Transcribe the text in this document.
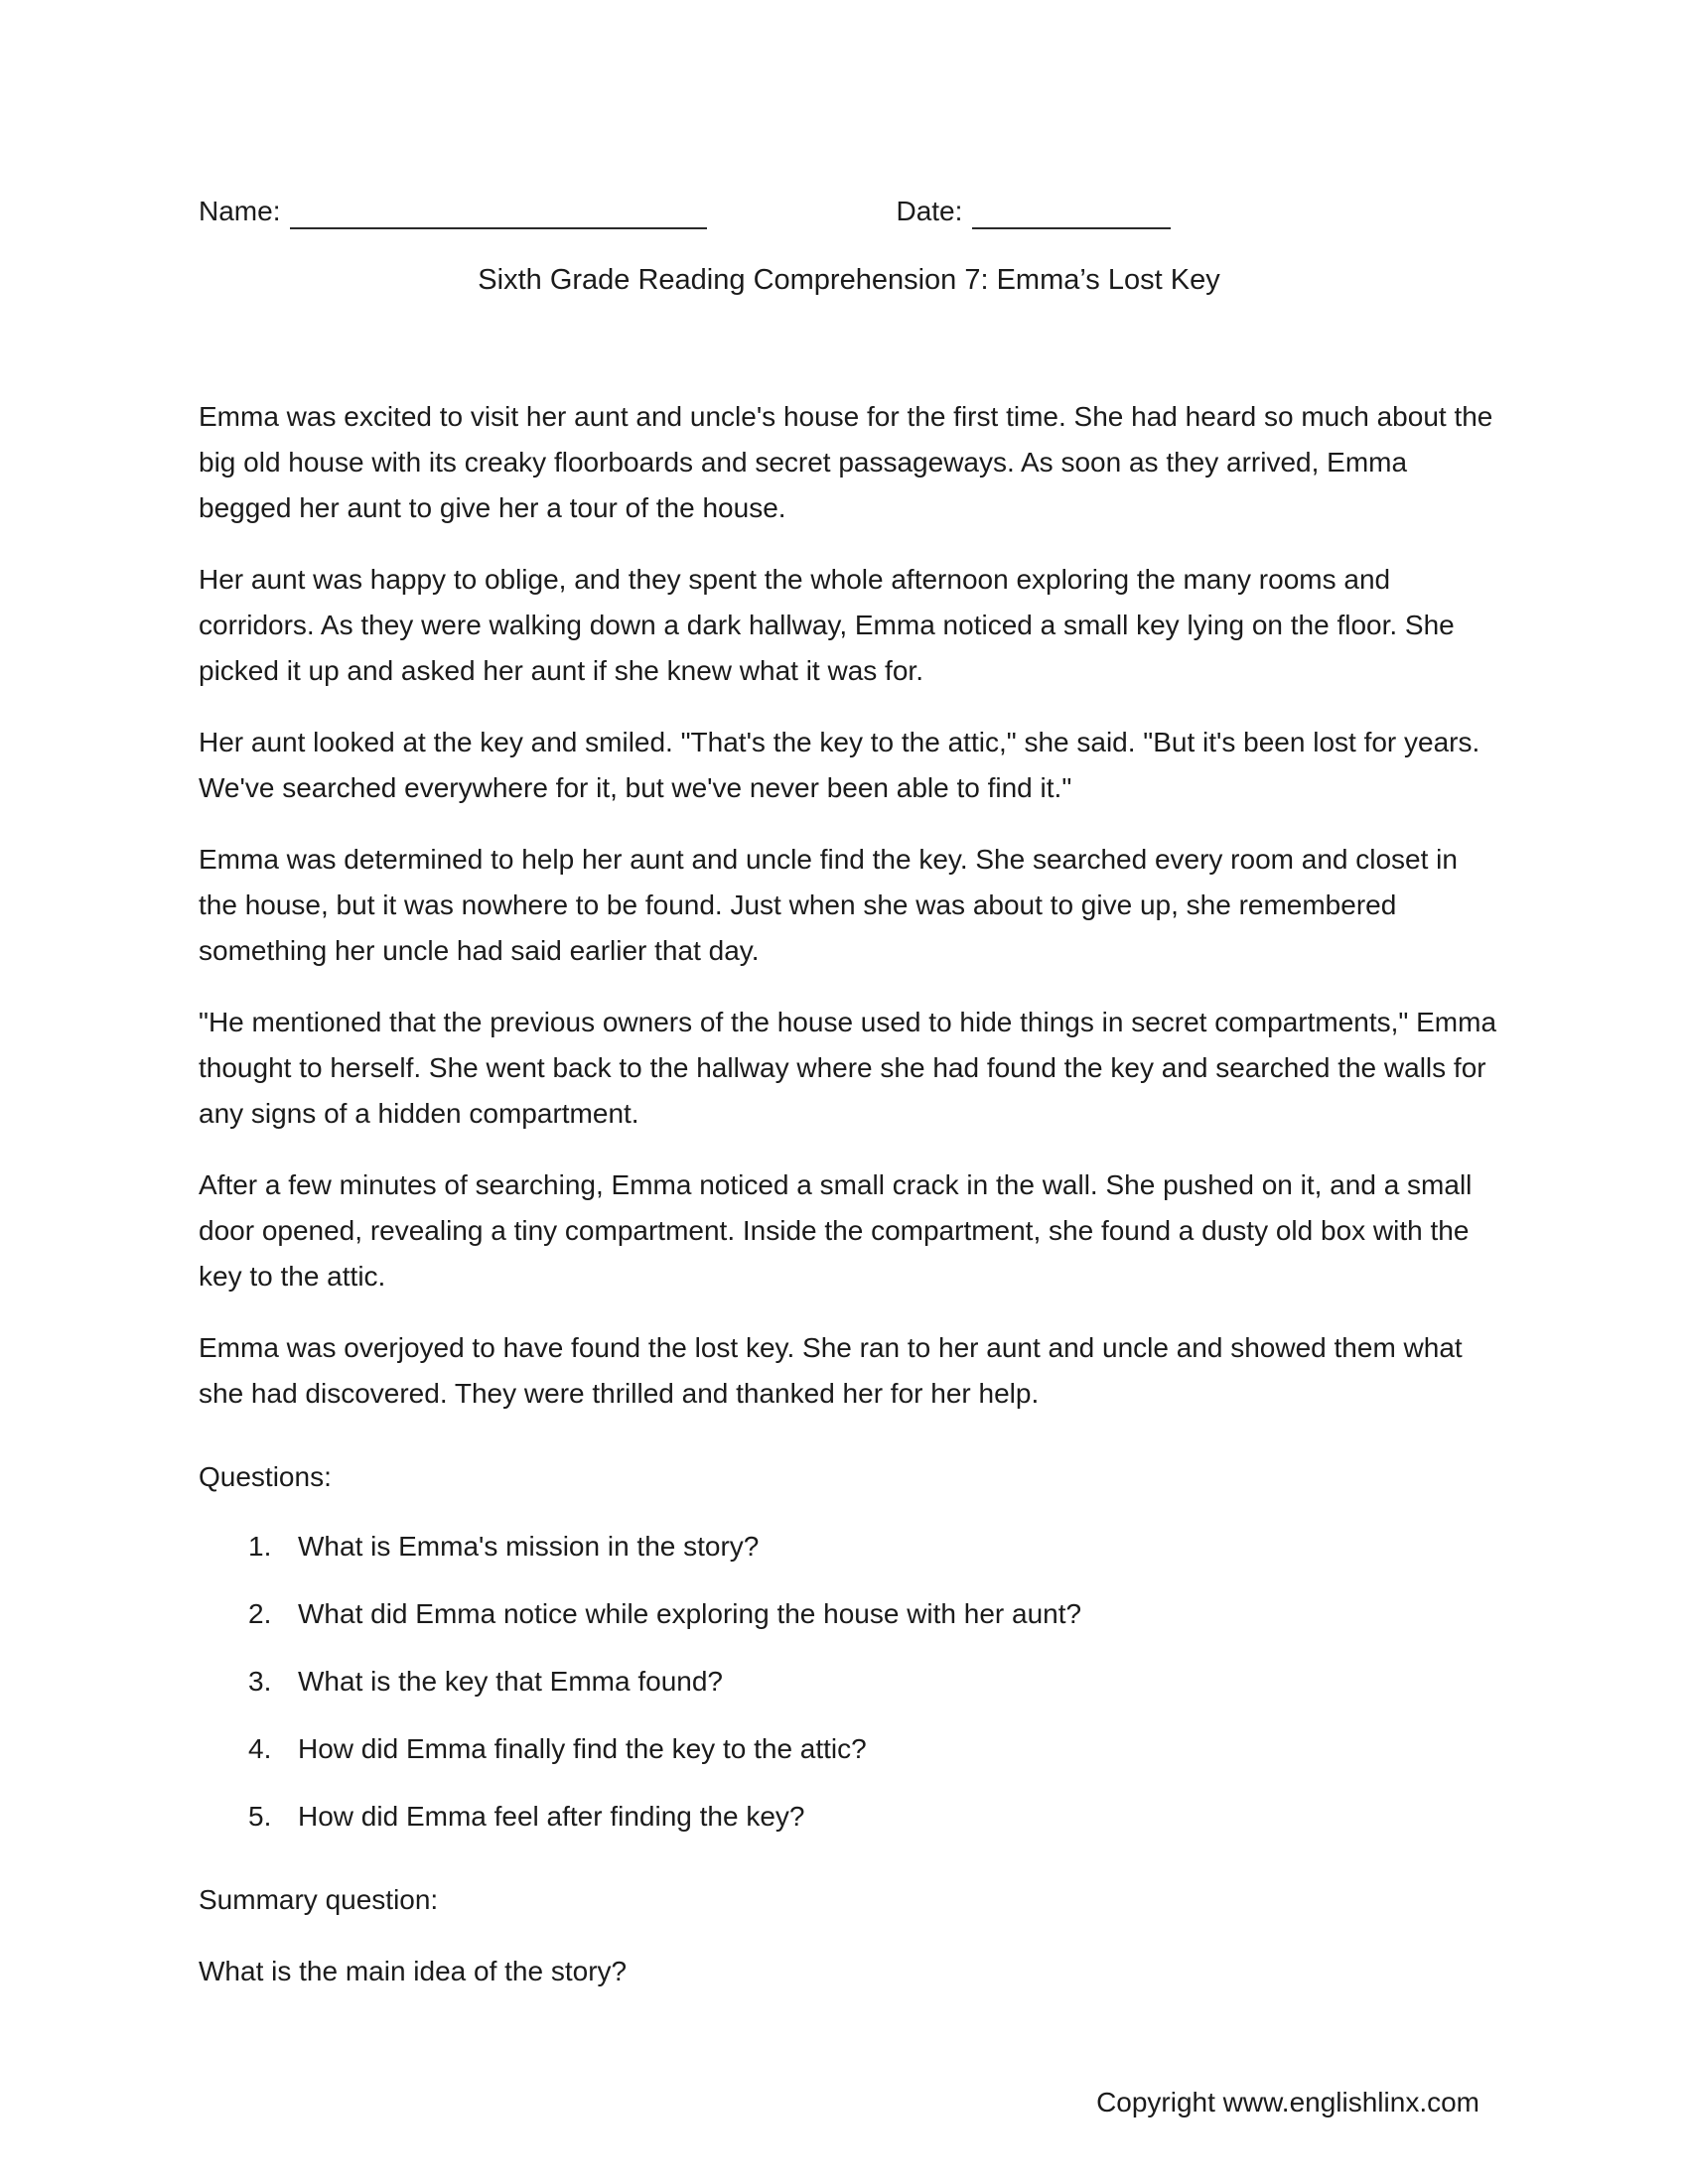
Name:	Date:
Sixth Grade Reading Comprehension 7: Emma’s Lost Key

Emma was excited to visit her aunt and uncle's house for the first time. She had heard so much about the big old house with its creaky floorboards and secret passageways. As soon as they arrived, Emma begged her aunt to give her a tour of the house.

Her aunt was happy to oblige, and they spent the whole afternoon exploring the many rooms and corridors. As they were walking down a dark hallway, Emma noticed a small key lying on the floor. She picked it up and asked her aunt if she knew what it was for.

Her aunt looked at the key and smiled. "That's the key to the attic," she said. "But it's been lost for years. We've searched everywhere for it, but we've never been able to find it."

Emma was determined to help her aunt and uncle find the key. She searched every room and closet in the house, but it was nowhere to be found. Just when she was about to give up, she remembered something her uncle had said earlier that day.

"He mentioned that the previous owners of the house used to hide things in secret compartments," Emma thought to herself. She went back to the hallway where she had found the key and searched the walls for any signs of a hidden compartment.

After a few minutes of searching, Emma noticed a small crack in the wall. She pushed on it, and a small door opened, revealing a tiny compartment. Inside the compartment, she found a dusty old box with the key to the attic.

Emma was overjoyed to have found the lost key. She ran to her aunt and uncle and showed them what she had discovered. They were thrilled and thanked her for her help.

Questions:
1. What is Emma's mission in the story?
2. What did Emma notice while exploring the house with her aunt?
3. What is the key that Emma found?
4. How did Emma finally find the key to the attic?
5. How did Emma feel after finding the key?
Summary question:
What is the main idea of the story?
Copyright www.englishlinx.com
